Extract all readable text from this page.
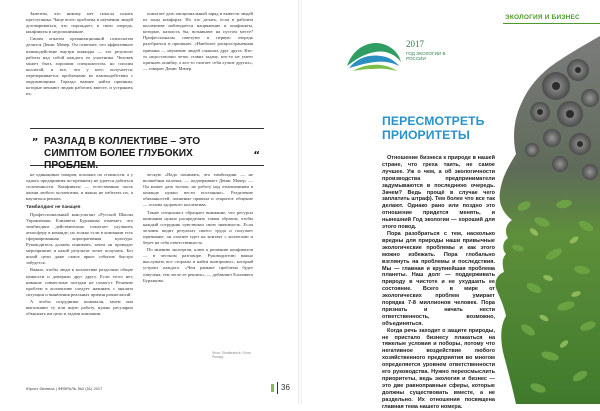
Заметим, что никому нет смысла искать преступника. Чаще всего проблема в неумении людей договариваться, что порождает, в свою очередь, конфликты и недопонимание.

Своим опытом организационной психологии делится Денис Мачер. Он отмечает, что эффективное взаимодействие внутри команды — это результат работы над собой каждого ее участника. Человек может быть хорошим специалистом, но плохим коллегой, и все, что у него получается, перечеркивается проблемами во взаимодействии с окружающими. Гораздо важнее найти причины, которые мешают людям работать вместе, и устранить их.

помогает дать эмоциональный заряд и вывести людей из зоны комфорта. Но что делать, если в рабочем коллективе наблюдается напряжение и конфликты, которые, казалось бы, возникают на пустом месте? Профессионалы советуют в первую очередь разобраться в причинах. «Наиболее распространенная причина — неумение людей слышать друг друга. Кто-то недостаточно четко ставит задачу, кто-то не умеет признать ошибку, а кто-то считает себя лучше других», — говорит Денис Мачер.

„ РАЗЛАД В КОЛЛЕКТИВЕ – ЭТО СИМПТОМ БОЛЕЕ ГЛУБОКИХ ПРОБЛЕМ.
“

не одинаковых товаров, похожих по стоимости, а у одного предприятия по-прежнему не удается добиться сплоченности. Конфликты — естественная часть жизни любого коллектива, и важно не избегать их, а научиться решать.

Тимбилдинг не панацея

Профессиональный консультант «Русской Школы Управления» Елизавета Бурлакова отмечает, что тимбилдинг действительно помогает улучшить атмосферу в команде, но только если в компании есть сформированная корпоративная культура. Руководитель должен понимать, зачем он проводит мероприятие и какой результат хочет получить. Без ясной цели даже самое яркое событие быстро забудется.

Важно, чтобы люди в коллективе разделяли общие ценности и доверяли друг другу. Если этого нет, никакие совместные поездки не помогут. Решение проблем в коллективе следует начинать с анализа ситуации и выявления реальных причин разногласий.

А чтобы сотрудники понимали, зачем они выполняют ту или иную работу, нужно регулярно объяснять им цели и задачи компании.

ческую «Надо понимать, что тимбилдинг — не волшебная палочка, — подчеркивает Денис Мачер. — Он может дать толчок, но работу над отношениями в команде нужно вести постоянно». Разделение обязанностей, понятные правила и открытое общение — основа здорового коллектива.

Также специалист обращает внимание, что ресурсы компании нужно распределять таким образом, чтобы каждый сотрудник чувствовал свою значимость. Если человек видит результат своего труда и получает признание, он охотнее идет на контакт с коллегами и берет на себя ответственность.

По мнению экспертов, ключ к решению конфликтов — в честном разговоре. Руководителю важно выслушать все стороны и найти компромисс, который устроит каждого. «Чем раньше проблема будет озвучена, тем легче ее решить», — добавляет Елизавета Бурлакова.

Фото: Shutterstock / Фото Ронару
Юрист бизнеса | ФЕВРАЛЬ №2 (51) 2017	36
ЭКОЛОГИЯ И БИЗНЕС
2017
ГОД ЭКОЛОГИИ В РОССИИ
ПЕРЕСМОТРЕТЬ ПРИОРИТЕТЫ

Отношение бизнеса к природе в нашей стране, что греха таить, не самое лучшее. Уж о чем, а об экологичности производства предприниматели задумываются в последнюю очередь. Зачем? Ведь прощё в случае чего заплатить штраф). Тем более что все так делают. Однако рано или поздно это отношение придется менять, и нынешний Год экологии — хороший для этого повод.

Пора разобраться с тем, насколько вредны для природы наши привычные экологические проблемы и как этого можно избежать. Пора глобально взглянуть на проблемы и последствия. Мы — главная и крупнейшая проблема планеты. Наш долг — поддерживать природу в чистоте и не ухудшать ее состояние. Всего в мире от экологических проблем умирает порядка 7-8 миллионов человек. Пора признать и начать нести ответственность, возможно, объединяться.

Когда речь заходит о защите природы, не пристало бизнесу плакаться на тяжелые условия и поборы, потому что негативное воздействие любого хозяйственного предприятия во многом определяется уровнем ответственности его руководства. Нужно переосмыслить приоритеты, ведь экология и бизнес — это две равноправные сферы, которые должны существовать вместе, а не раздельно. Их отношения посвящена главная тема нашего номера.
